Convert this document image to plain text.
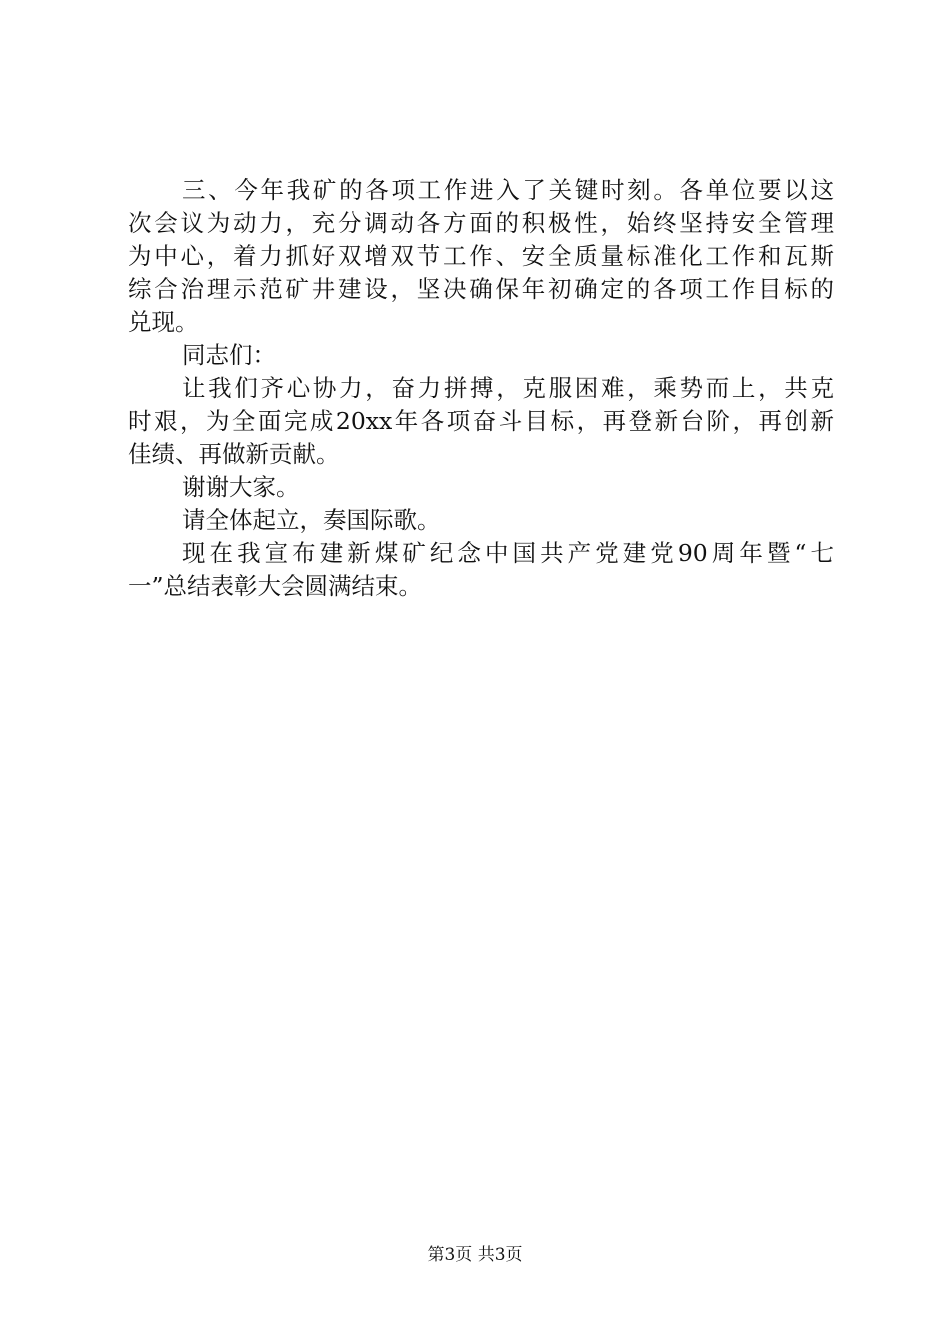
三、今年我矿的各项工作进入了关键时刻。各单位要以这
次会议为动力，充分调动各方面的积极性，始终坚持安全管理
为中心，着力抓好双增双节工作、安全质量标准化工作和瓦斯
综合治理示范矿井建设，坚决确保年初确定的各项工作目标的
兑现。
同志们：
让我们齐心协力，奋力拼搏，克服困难，乘势而上，共克
时艰，为全面完成20xx年各项奋斗目标，再登新台阶，再创新
佳绩、再做新贡献。
谢谢大家。
请全体起立，奏国际歌。
现在我宣布建新煤矿纪念中国共产党建党90周年暨“七
一”总结表彰大会圆满结束。
第3页 共3页
